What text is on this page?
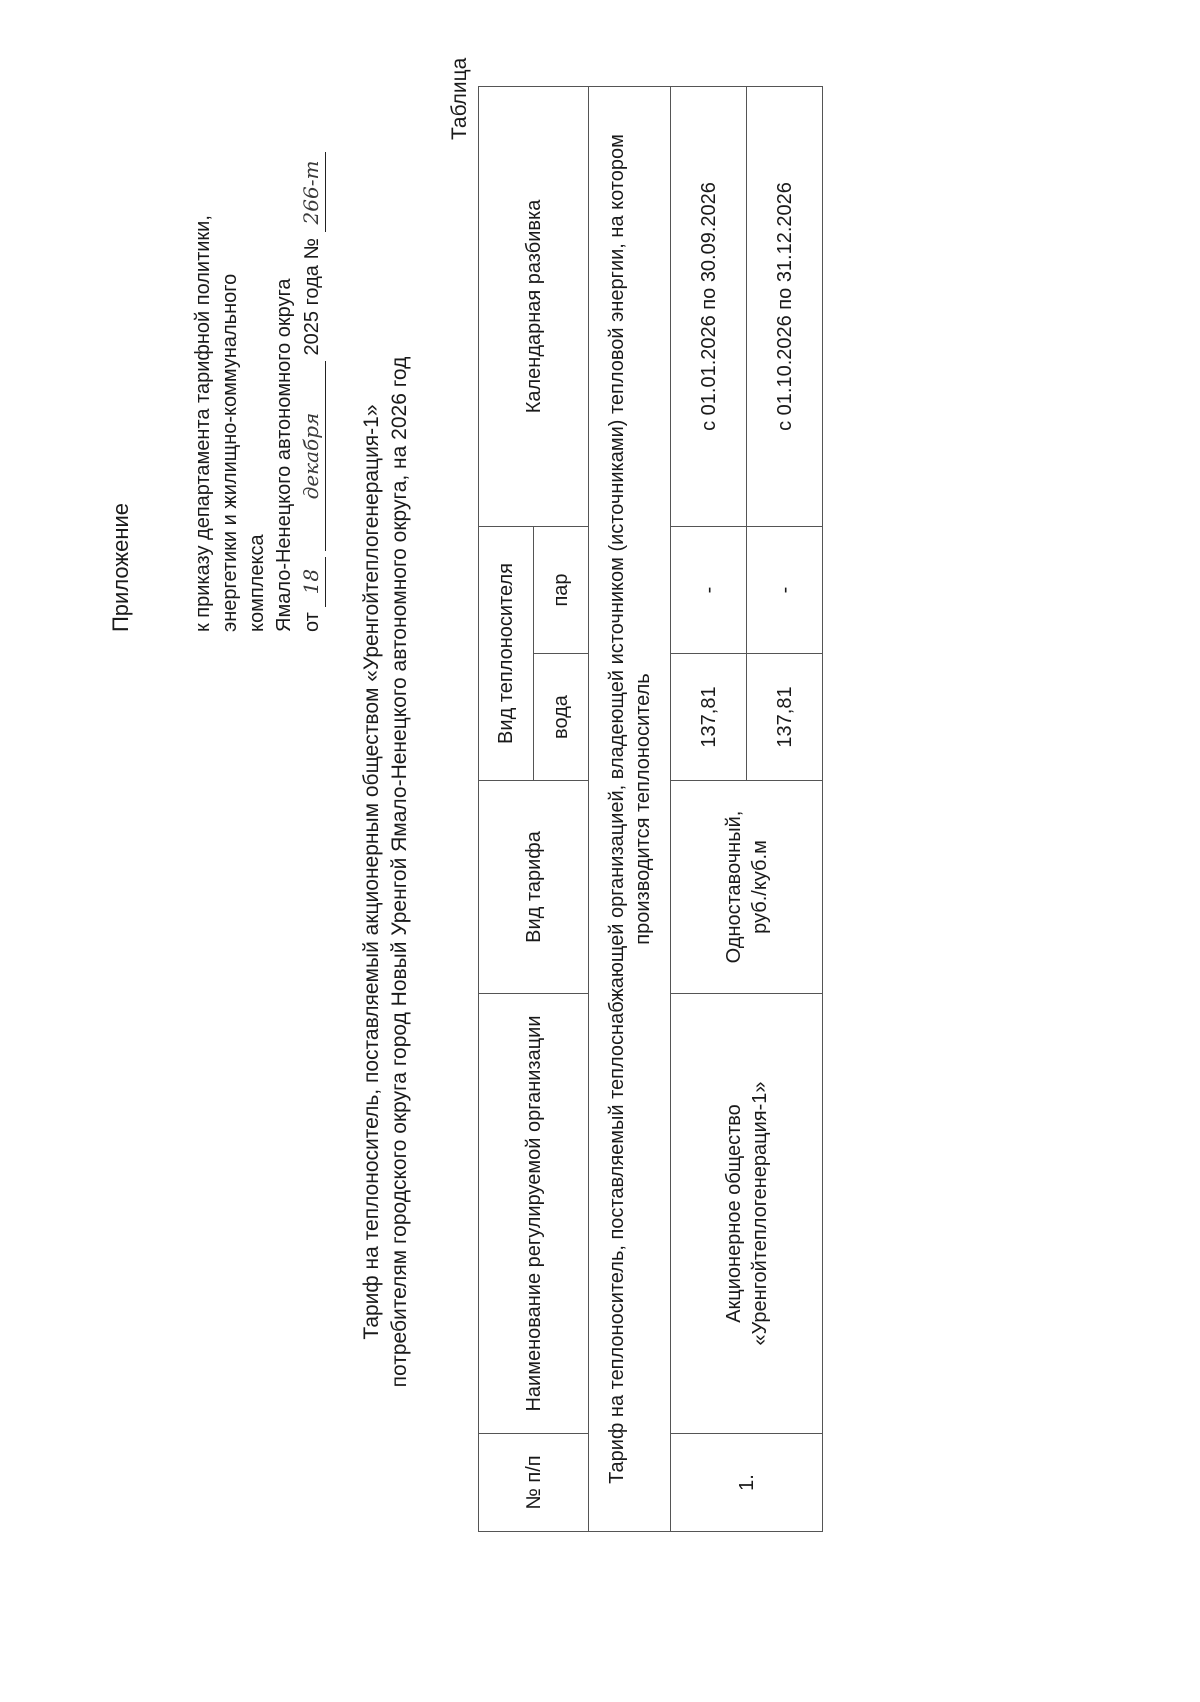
Приложение	к приказу департамента тарифной политики, энергетики и жилищно-коммунального комплекса Ямало-Ненецкого автономного округа от 18 декабря 2025 года № 266-т
Тариф на теплоноситель, поставляемый акционерным обществом «Уренгойтеплогенерация-1» потребителям городского округа город Новый Уренгой Ямало-Ненецкого автономного округа, на 2026 год
Таблица
№ п/п	Наименование регулируемой организации	Вид тарифа	Вид теплоносителя		Календарная разбивка
			вода	пар	
Тариф на теплоноситель, поставляемый теплоснабжающей организацией, владеющей источником (источниками) тепловой энергии, на котором производится теплоноситель					
1.	Акционерное общество «Уренгойтеплогенерация-1»	Одноставочный, руб./куб.м	137,81	-	с 01.01.2026 по 30.09.2026
			137,81	-	с 01.10.2026 по 31.12.2026
